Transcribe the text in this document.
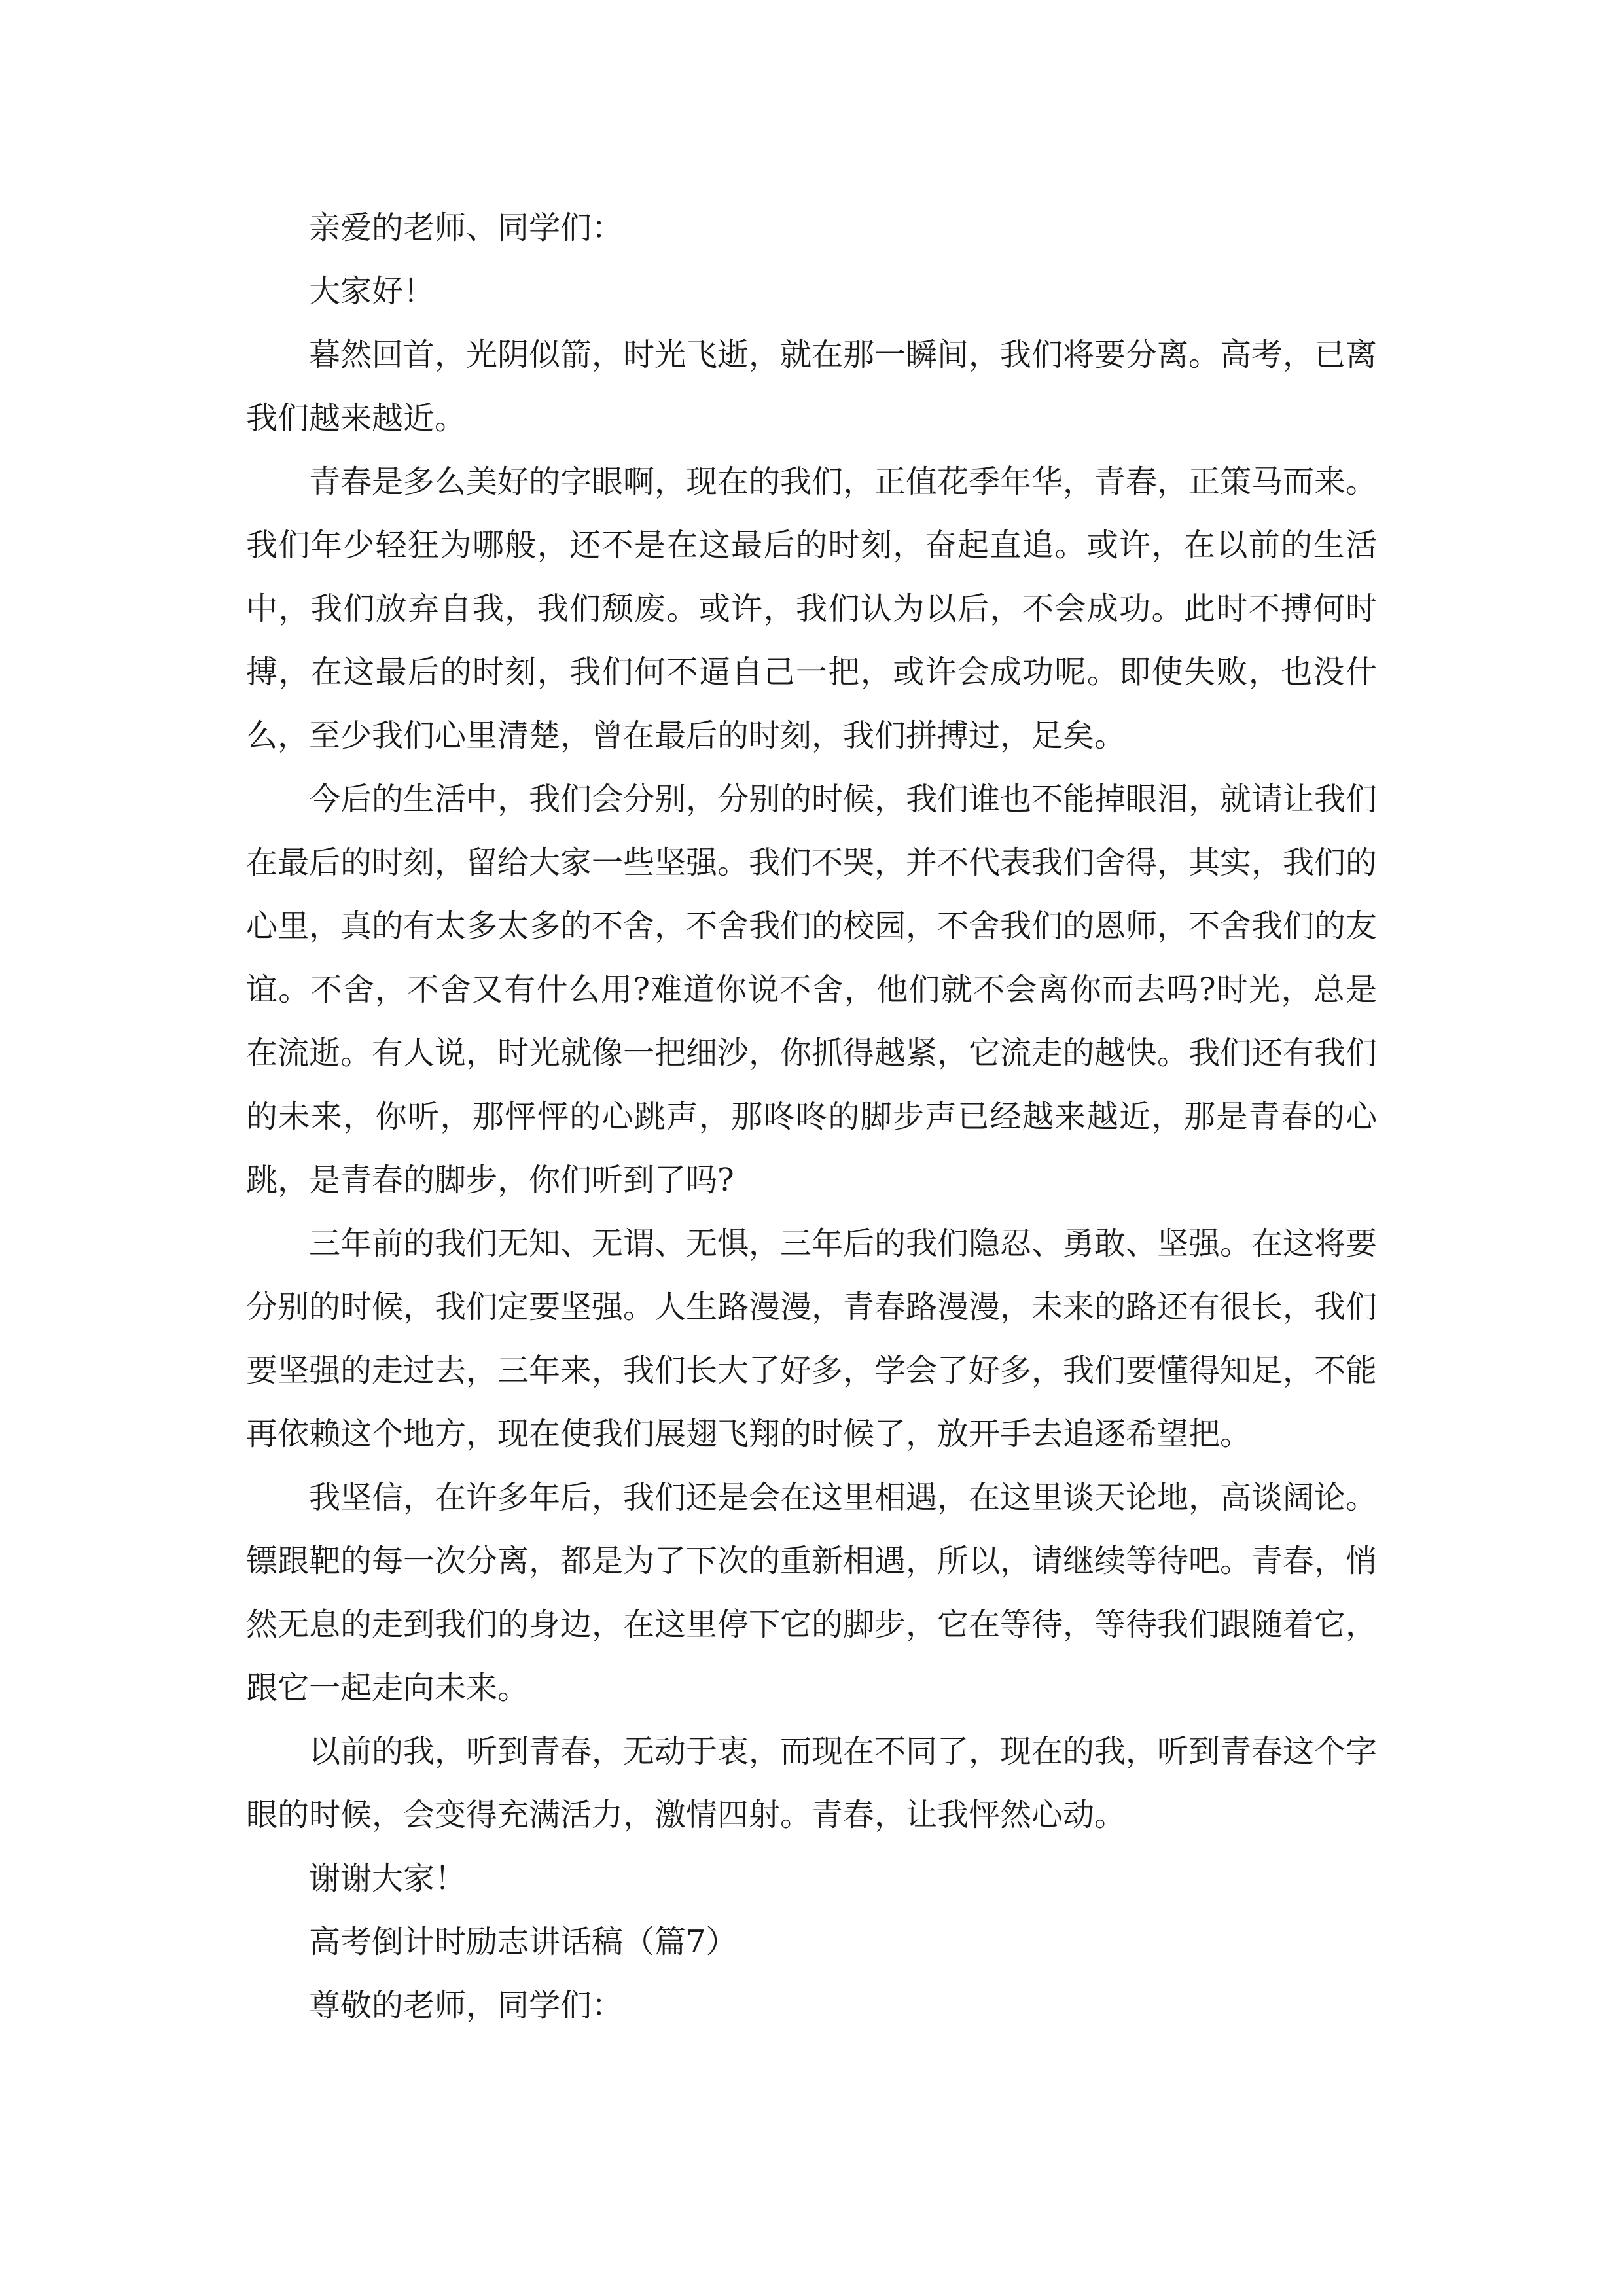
亲爱的老师、同学们：

大家好！

暮然回首，光阴似箭，时光飞逝，就在那一瞬间，我们将要分离。高考，已离我们越来越近。

青春是多么美好的字眼啊，现在的我们，正值花季年华，青春，正策马而来。我们年少轻狂为哪般，还不是在这最后的时刻，奋起直追。或许，在以前的生活中，我们放弃自我，我们颓废。或许，我们认为以后，不会成功。此时不搏何时搏，在这最后的时刻，我们何不逼自己一把，或许会成功呢。即使失败，也没什么，至少我们心里清楚，曾在最后的时刻，我们拼搏过，足矣。

今后的生活中，我们会分别，分别的时候，我们谁也不能掉眼泪，就请让我们在最后的时刻，留给大家一些坚强。我们不哭，并不代表我们舍得，其实，我们的心里，真的有太多太多的不舍，不舍我们的校园，不舍我们的恩师，不舍我们的友谊。不舍，不舍又有什么用?难道你说不舍，他们就不会离你而去吗?时光，总是在流逝。有人说，时光就像一把细沙，你抓得越紧，它流走的越快。我们还有我们的未来，你听，那怦怦的心跳声，那咚咚的脚步声已经越来越近，那是青春的心跳，是青春的脚步，你们听到了吗?

三年前的我们无知、无谓、无惧，三年后的我们隐忍、勇敢、坚强。在这将要分别的时候，我们定要坚强。人生路漫漫，青春路漫漫，未来的路还有很长，我们要坚强的走过去，三年来，我们长大了好多，学会了好多，我们要懂得知足，不能再依赖这个地方，现在使我们展翅飞翔的时候了，放开手去追逐希望把。

我坚信，在许多年后，我们还是会在这里相遇，在这里谈天论地，高谈阔论。镖跟靶的每一次分离，都是为了下次的重新相遇，所以，请继续等待吧。青春，悄然无息的走到我们的身边，在这里停下它的脚步，它在等待，等待我们跟随着它，跟它一起走向未来。

以前的我，听到青春，无动于衷，而现在不同了，现在的我，听到青春这个字眼的时候，会变得充满活力，激情四射。青春，让我怦然心动。

谢谢大家！

高考倒计时励志讲话稿（篇7）

尊敬的老师，同学们：
